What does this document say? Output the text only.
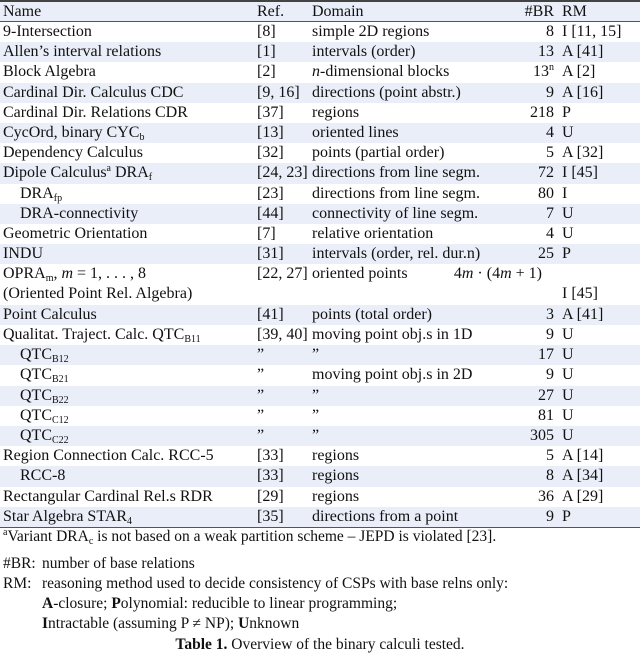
Name	Ref. Domain	#BR RM
9-Intersection	[8] simple 2D regions	8 I [11, 15]
Allen’s interval relations	[1] intervals (order)	13 A [41]
Block Algebra	[2] n-dimensional blocks	13$^n$ A [2]
Cardinal Dir. Calculus CDC	[9, 16] directions (point abstr.)	9 A [16]
Cardinal Dir. Relations CDR	[37] regions	218 P
CycOrd, binary $CYC_b$	[13] oriented lines	4 U
Dependency Calculus	[32] points (partial order)	5 A [32]
Dipole Calculus$^a$ $DRA_f$	[24, 23] directions from line segm.	72 I [45]
$DRA_{fp}$	[23] directions from line segm.	80 I
DRA-connectivity	[44] connectivity of line segm.	7 U
Geometric Orientation	[7] relative orientation	4 U
INDU	[31] intervals (order, rel. dur.n)	25 P
$OPRA_m$, m = 1, . . . , 8	[22, 27] oriented points	4m · (4m + 1)
(Oriented Point Rel. Algebra)	I [45]
Point Calculus	[41] points (total order)	3 A [41]
Qualitat. Traject. Calc. $QTC_{B11}$	[39, 40] moving point obj.s in 1D	9 U
$QTC_{B12}$	”	”	17 U
$QTC_{B21}$	”	moving point obj.s in 2D	9 U
$QTC_{B22}$	”	”	27 U
$QTC_{C12}$	”	”	81 U
$QTC_{C22}$	”	”	305 U
Region Connection Calc. RCC-5	[33] regions	5 A [14]
RCC-8	[33] regions	8 A [34]
Rectangular Cardinal Rel.s RDR	[29] regions	36 A [29]
Star Algebra $STAR_4$	[35] directions from a point	9 P
$^a$Variant $DRA_c$ is not based on a weak partition scheme – JEPD is violated [23].
#BR: number of base relations
RM: reasoning method used to decide consistency of CSPs with base relns only:
A-closure; Polynomial: reducible to linear programming;
Intractable (assuming P ≠ NP); Unknown
Table 1. Overview of the binary calculi tested.
